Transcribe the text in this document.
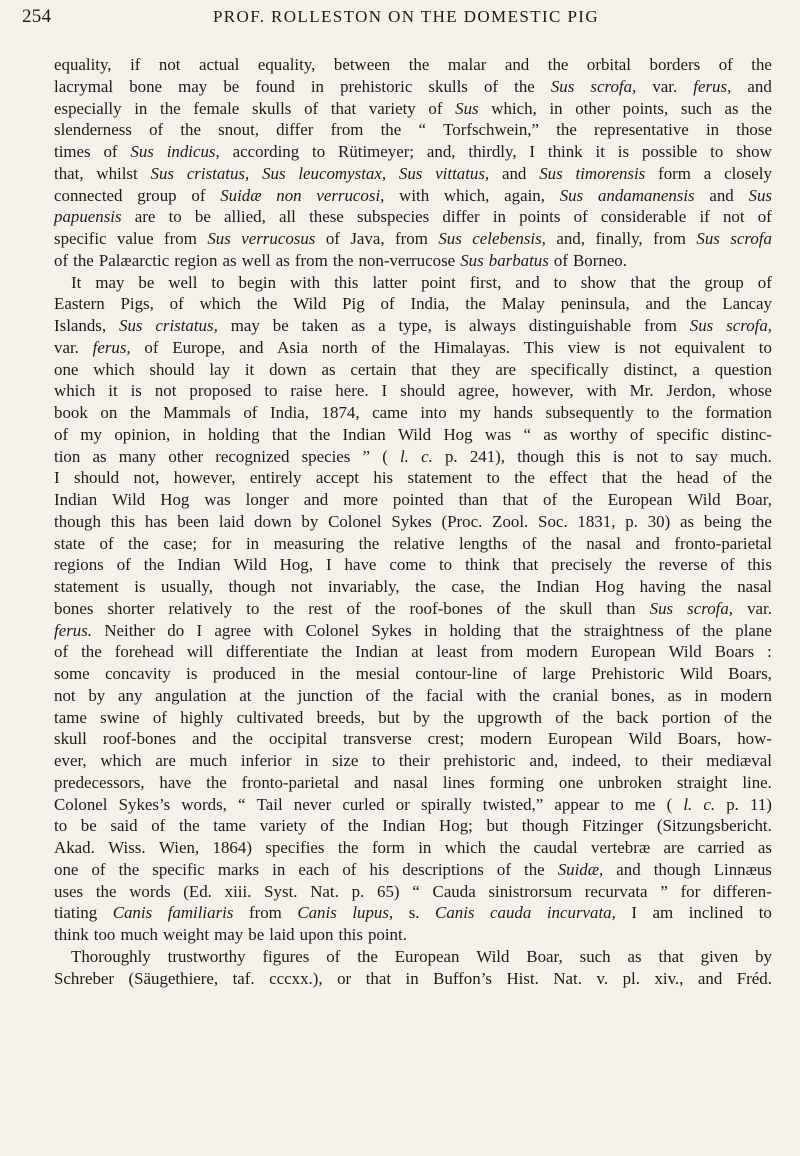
254	PROF. ROLLESTON ON THE DOMESTIC PIG
equality, if not actual equality, between the malar and the orbital borders of the
lacrymal bone may be found in prehistoric skulls of the Sus scrofa, var. ferus, and
especially in the female skulls of that variety of Sus which, in other points, such as the
slenderness of the snout, differ from the “ Torfschwein,” the representative in those
times of Sus indicus, according to Rütimeyer; and, thirdly, I think it is possible to show
that, whilst Sus cristatus, Sus leucomystax, Sus vittatus, and Sus timorensis form a closely
connected group of Suidæ non verrucosi, with which, again, Sus andamanensis and Sus
papuensis are to be allied, all these subspecies differ in points of considerable if not of
specific value from Sus verrucosus of Java, from Sus celebensis, and, finally, from Sus scrofa
of the Palæarctic region as well as from the non-verrucose Sus barbatus of Borneo.
It may be well to begin with this latter point first, and to show that the group of
Eastern Pigs, of which the Wild Pig of India, the Malay peninsula, and the Lancay
Islands, Sus cristatus, may be taken as a type, is always distinguishable from Sus scrofa,
var. ferus, of Europe, and Asia north of the Himalayas. This view is not equivalent to
one which should lay it down as certain that they are specifically distinct, a question
which it is not proposed to raise here. I should agree, however, with Mr. Jerdon, whose
book on the Mammals of India, 1874, came into my hands subsequently to the formation
of my opinion, in holding that the Indian Wild Hog was “ as worthy of specific distinc-
tion as many other recognized species ” ( l. c. p. 241), though this is not to say much.
I should not, however, entirely accept his statement to the effect that the head of the
Indian Wild Hog was longer and more pointed than that of the European Wild Boar,
though this has been laid down by Colonel Sykes (Proc. Zool. Soc. 1831, p. 30) as being the
state of the case; for in measuring the relative lengths of the nasal and fronto-parietal
regions of the Indian Wild Hog, I have come to think that precisely the reverse of this
statement is usually, though not invariably, the case, the Indian Hog having the nasal
bones shorter relatively to the rest of the roof-bones of the skull than Sus scrofa, var.
ferus. Neither do I agree with Colonel Sykes in holding that the straightness of the plane
of the forehead will differentiate the Indian at least from modern European Wild Boars :
some concavity is produced in the mesial contour-line of large Prehistoric Wild Boars,
not by any angulation at the junction of the facial with the cranial bones, as in modern
tame swine of highly cultivated breeds, but by the upgrowth of the back portion of the
skull roof-bones and the occipital transverse crest; modern European Wild Boars, how-
ever, which are much inferior in size to their prehistoric and, indeed, to their mediæval
predecessors, have the fronto-parietal and nasal lines forming one unbroken straight line.
Colonel Sykes’s words, “ Tail never curled or spirally twisted,” appear to me ( l. c. p. 11)
to be said of the tame variety of the Indian Hog; but though Fitzinger (Sitzungsbericht.
Akad. Wiss. Wien, 1864) specifies the form in which the caudal vertebræ are carried as
one of the specific marks in each of his descriptions of the Suidæ, and though Linnæus
uses the words (Ed. xiii. Syst. Nat. p. 65) “ Cauda sinistrorsum recurvata ” for differen-
tiating Canis familiaris from Canis lupus, s. Canis cauda incurvata, I am inclined to
think too much weight may be laid upon this point.
Thoroughly trustworthy figures of the European Wild Boar, such as that given by
Schreber (Säugethiere, taf. cccxx.), or that in Buffon’s Hist. Nat. v. pl. xiv., and Fréd.
